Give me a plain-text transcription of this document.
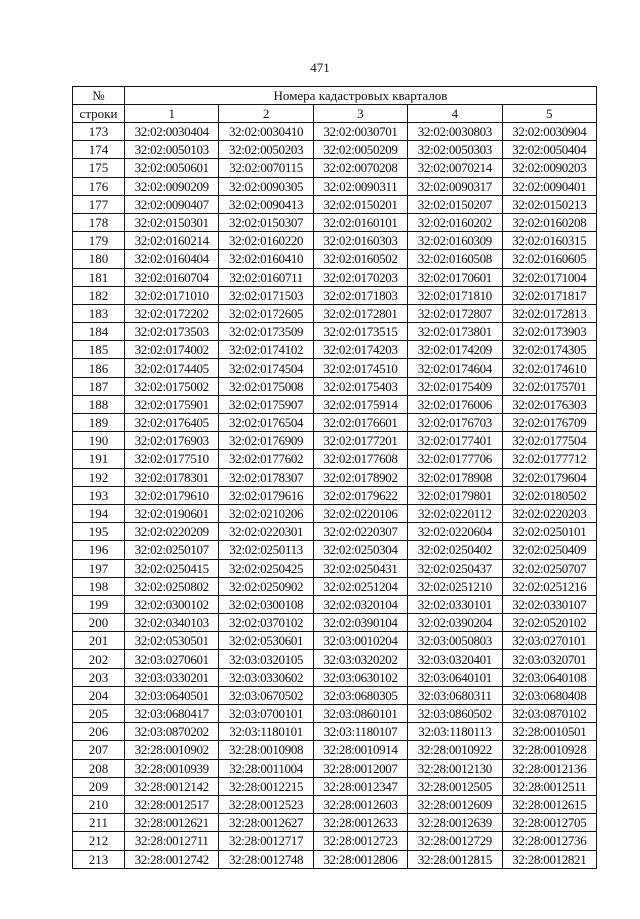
471
№	Номера кадастровых кварталов				
строки	1	2	3	4	5
173	32:02:0030404	32:02:0030410	32:02:0030701	32:02:0030803	32:02:0030904
174	32:02:0050103	32:02:0050203	32:02:0050209	32:02:0050303	32:02:0050404
175	32:02:0050601	32:02:0070115	32:02:0070208	32:02:0070214	32:02:0090203
176	32:02:0090209	32:02:0090305	32:02:0090311	32:02:0090317	32:02:0090401
177	32:02:0090407	32:02:0090413	32:02:0150201	32:02:0150207	32:02:0150213
178	32:02:0150301	32:02:0150307	32:02:0160101	32:02:0160202	32:02:0160208
179	32:02:0160214	32:02:0160220	32:02:0160303	32:02:0160309	32:02:0160315
180	32:02:0160404	32:02:0160410	32:02:0160502	32:02:0160508	32:02:0160605
181	32:02:0160704	32:02:0160711	32:02:0170203	32:02:0170601	32:02:0171004
182	32:02:0171010	32:02:0171503	32:02:0171803	32:02:0171810	32:02:0171817
183	32:02:0172202	32:02:0172605	32:02:0172801	32:02:0172807	32:02:0172813
184	32:02:0173503	32:02:0173509	32:02:0173515	32:02:0173801	32:02:0173903
185	32:02:0174002	32:02:0174102	32:02:0174203	32:02:0174209	32:02:0174305
186	32:02:0174405	32:02:0174504	32:02:0174510	32:02:0174604	32:02:0174610
187	32:02:0175002	32:02:0175008	32:02:0175403	32:02:0175409	32:02:0175701
188	32:02:0175901	32:02:0175907	32:02:0175914	32:02:0176006	32:02:0176303
189	32:02:0176405	32:02:0176504	32:02:0176601	32:02:0176703	32:02:0176709
190	32:02:0176903	32:02:0176909	32:02:0177201	32:02:0177401	32:02:0177504
191	32:02:0177510	32:02:0177602	32:02:0177608	32:02:0177706	32:02:0177712
192	32:02:0178301	32:02:0178307	32:02:0178902	32:02:0178908	32:02:0179604
193	32:02:0179610	32:02:0179616	32:02:0179622	32:02:0179801	32:02:0180502
194	32:02:0190601	32:02:0210206	32:02:0220106	32:02:0220112	32:02:0220203
195	32:02:0220209	32:02:0220301	32:02:0220307	32:02:0220604	32:02:0250101
196	32:02:0250107	32:02:0250113	32:02:0250304	32:02:0250402	32:02:0250409
197	32:02:0250415	32:02:0250425	32:02:0250431	32:02:0250437	32:02:0250707
198	32:02:0250802	32:02:0250902	32:02:0251204	32:02:0251210	32:02:0251216
199	32:02:0300102	32:02:0300108	32:02:0320104	32:02:0330101	32:02:0330107
200	32:02:0340103	32:02:0370102	32:02:0390104	32:02:0390204	32:02:0520102
201	32:02:0530501	32:02:0530601	32:03:0010204	32:03:0050803	32:03:0270101
202	32:03:0270601	32:03:0320105	32:03:0320202	32:03:0320401	32:03:0320701
203	32:03:0330201	32:03:0330602	32:03:0630102	32:03:0640101	32:03:0640108
204	32:03:0640501	32:03:0670502	32:03:0680305	32:03:0680311	32:03:0680408
205	32:03:0680417	32:03:0700101	32:03:0860101	32:03:0860502	32:03:0870102
206	32:03:0870202	32:03:1180101	32:03:1180107	32:03:1180113	32:28:0010501
207	32:28:0010902	32:28:0010908	32:28:0010914	32:28:0010922	32:28:0010928
208	32:28:0010939	32:28:0011004	32:28:0012007	32:28:0012130	32:28:0012136
209	32:28:0012142	32:28:0012215	32:28:0012347	32:28:0012505	32:28:0012511
210	32:28:0012517	32:28:0012523	32:28:0012603	32:28:0012609	32:28:0012615
211	32:28:0012621	32:28:0012627	32:28:0012633	32:28:0012639	32:28:0012705
212	32:28:0012711	32:28:0012717	32:28:0012723	32:28:0012729	32:28:0012736
213	32:28:0012742	32:28:0012748	32:28:0012806	32:28:0012815	32:28:0012821
